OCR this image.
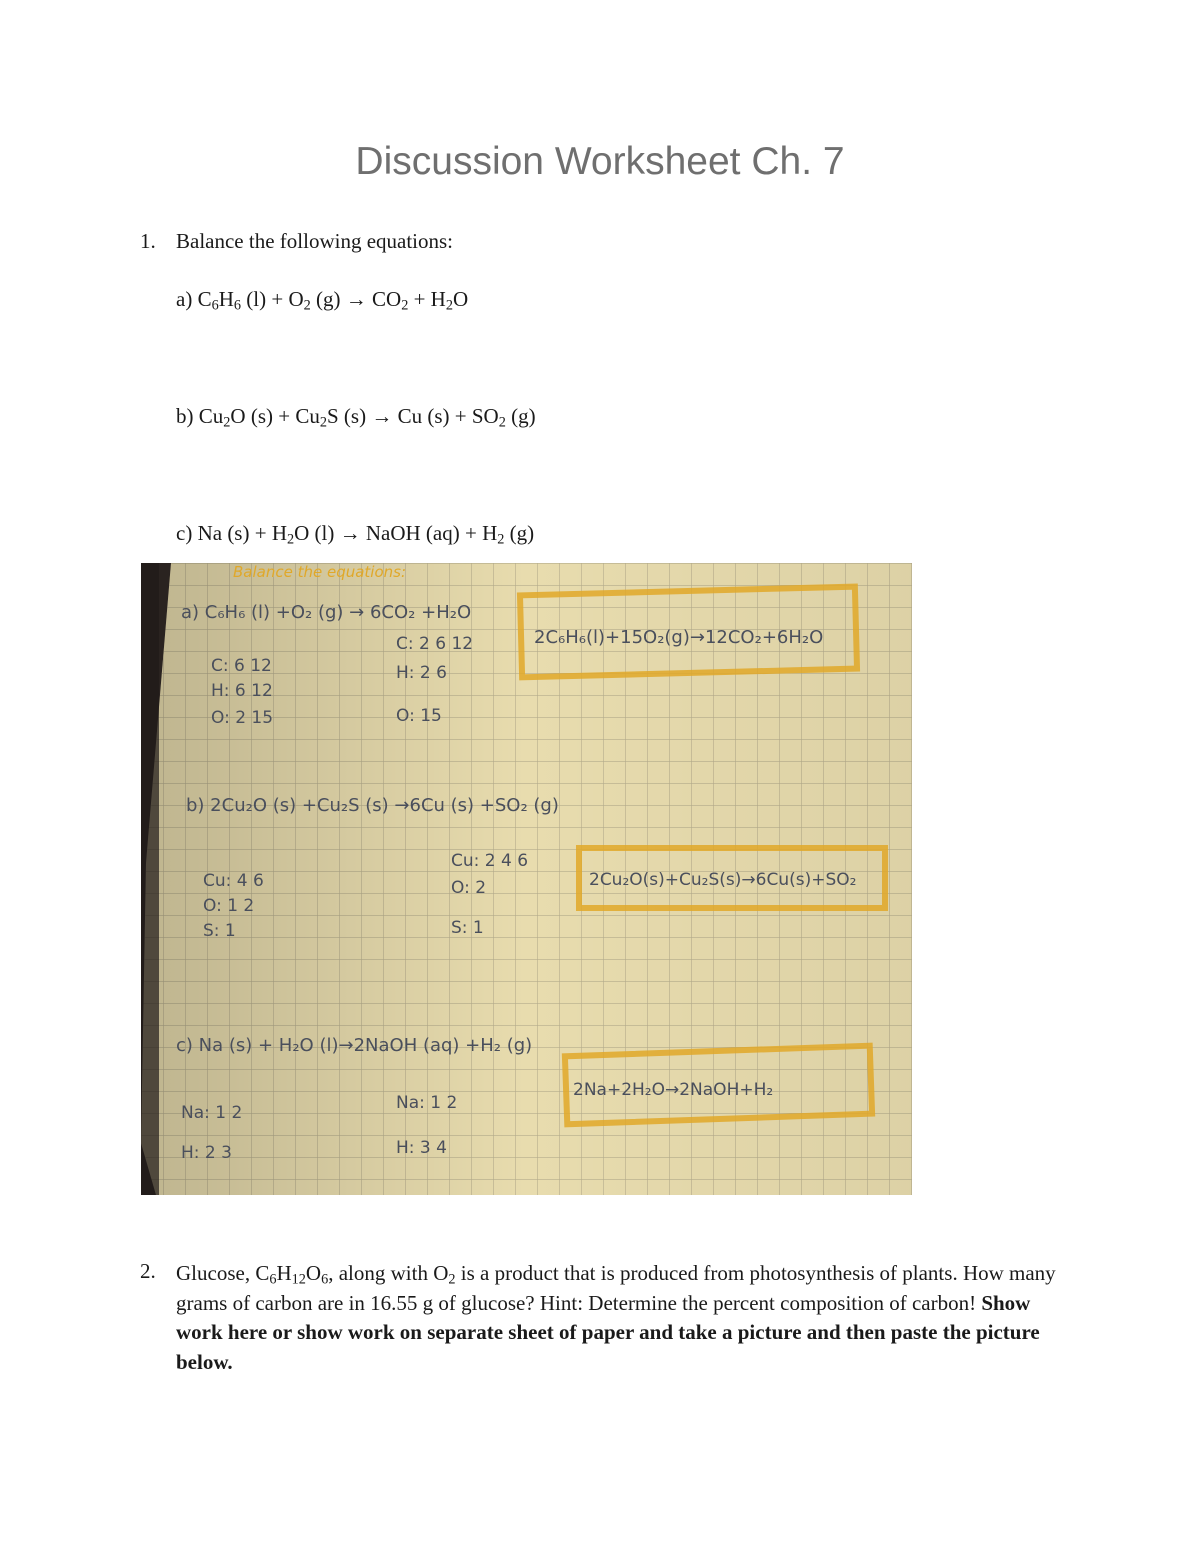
Discussion Worksheet Ch. 7
1. Balance the following equations:
a) $C_6H_6$ $(l) + O_2$ $(g) \to CO_2 + H_2O$
b) $Cu_2O$ $(s) + Cu_2S$ (s) → Cu $(s) + SO_2$ (g)
c) Na $(s) + H_2O$ (l) → NaOH $(aq) + H_2$ (g)
Balance the equations:
a) C₆H₆ (l) +O₂ (g) → 6CO₂ +H₂O
C: 6 12
H: 6 12
O: 2 15
C: 2 6 12
H: 2 6
O: 15
2C₆H₆(l)+15O₂(g)→12CO₂+6H₂O
b) 2Cu₂O (s) +Cu₂S (s) →6Cu (s) +SO₂ (g)
Cu: 4 6
O: 1 2
S: 1
Cu: 2 4 6
O: 2
S: 1
2Cu₂O(s)+Cu₂S(s)→6Cu(s)+SO₂
c) Na (s) + H₂O (l)→2NaOH (aq) +H₂ (g)
Na: 1 2
H: 2 3
Na: 1 2
H: 3 4
2Na+2H₂O→2NaOH+H₂
2. Glucose, $C_6H_{12}O_6$, along with $O_2$ is a product that is produced from photosynthesis of plants. How many grams of carbon are in 16.55 g of glucose? Hint: Determine the percent composition of carbon! Show work here or show work on separate sheet of paper and take a picture and then paste the picture below.
